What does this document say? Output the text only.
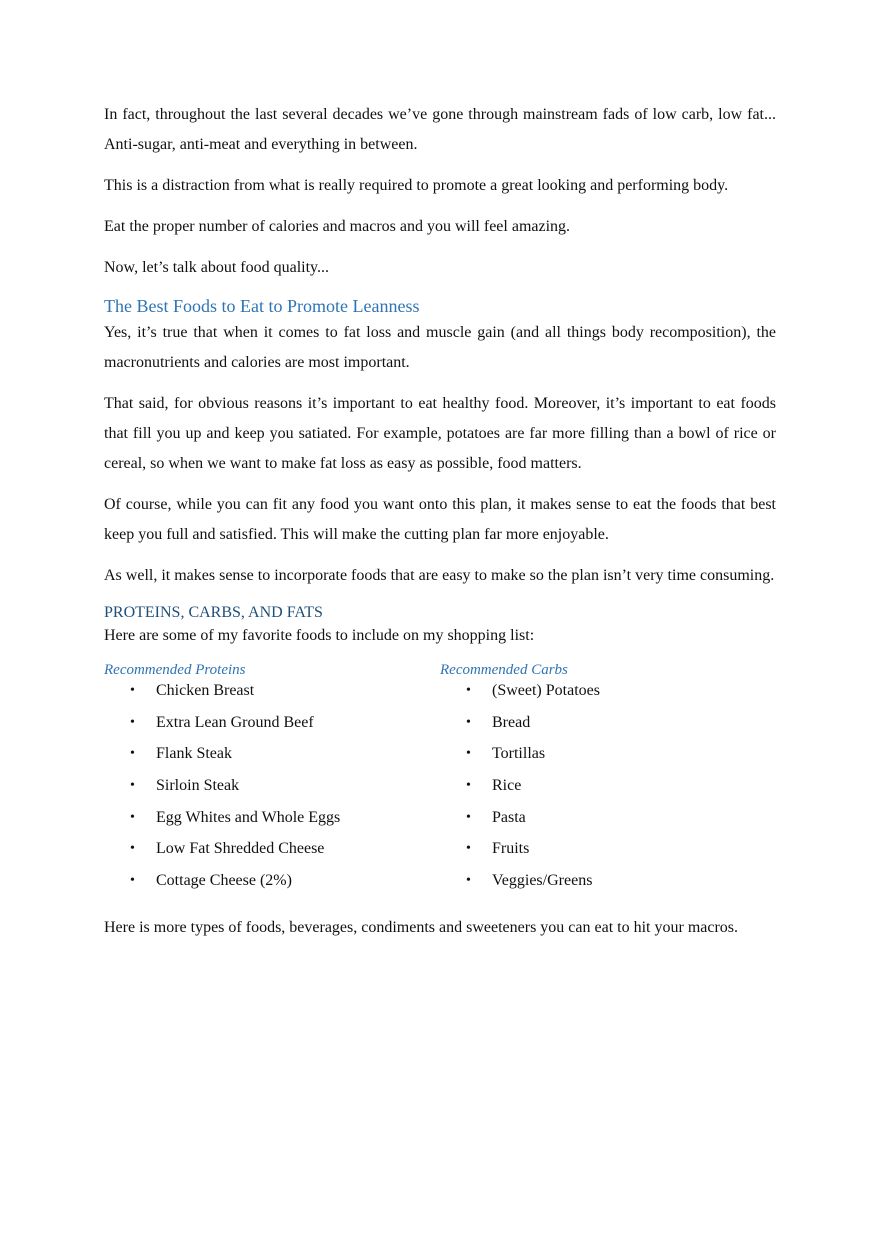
In fact, throughout the last several decades we’ve gone through mainstream fads of low carb, low fat... Anti-sugar, anti-meat and everything in between.

This is a distraction from what is really required to promote a great looking and performing body.

Eat the proper number of calories and macros and you will feel amazing.

Now, let’s talk about food quality...

The Best Foods to Eat to Promote Leanness

Yes, it’s true that when it comes to fat loss and muscle gain (and all things body recomposition), the macronutrients and calories are most important.

That said, for obvious reasons it’s important to eat healthy food. Moreover, it’s important to eat foods that fill you up and keep you satiated. For example, potatoes are far more filling than a bowl of rice or cereal, so when we want to make fat loss as easy as possible, food matters.

Of course, while you can fit any food you want onto this plan, it makes sense to eat the foods that best keep you full and satisfied. This will make the cutting plan far more enjoyable.

As well, it makes sense to incorporate foods that are easy to make so the plan isn’t very time consuming.

PROTEINS, CARBS, AND FATS

Here are some of my favorite foods to include on my shopping list:

Recommended Proteins
• Chicken Breast
• Extra Lean Ground Beef
• Flank Steak
• Sirloin Steak
• Egg Whites and Whole Eggs
• Low Fat Shredded Cheese
• Cottage Cheese (2%)
Recommended Carbs
• (Sweet) Potatoes
• Bread
• Tortillas
• Rice
• Pasta
• Fruits
• Veggies/Greens

Here is more types of foods, beverages, condiments and sweeteners you can eat to hit your macros.
